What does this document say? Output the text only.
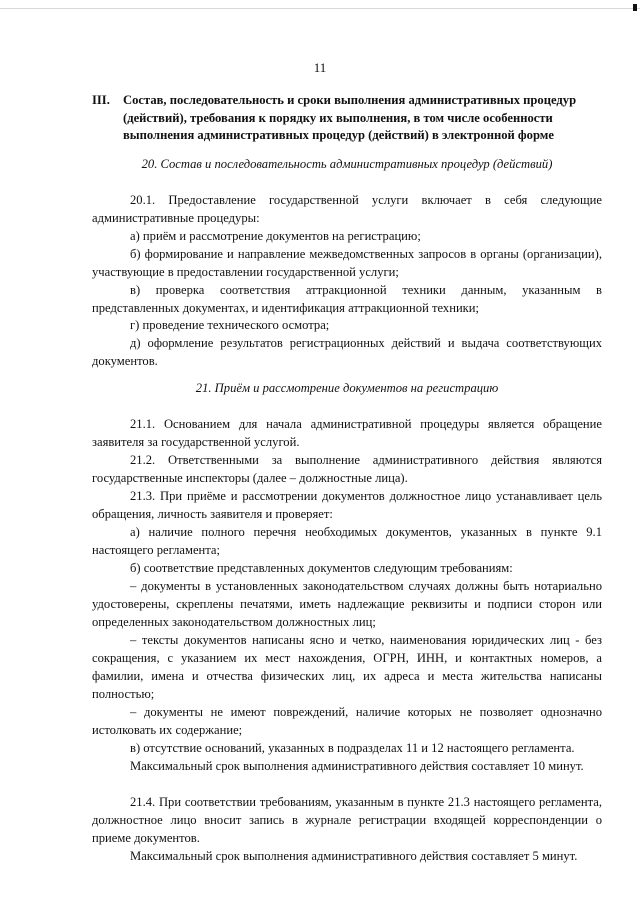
11
III.	Состав, последовательность и сроки выполнения административных процедур (действий), требования к порядку их выполнения, в том числе особенности выполнения административных процедур (действий) в электронной форме
20. Состав и последовательность административных процедур (действий)

20.1. Предоставление государственной услуги включает в себя следующие административные процедуры:

а) приём и рассмотрение документов на регистрацию;

б) формирование и направление межведомственных запросов в органы (организации), участвующие в предоставлении государственной услуги;

в) проверка соответствия аттракционной техники данным, указанным в представленных документах, и идентификация аттракционной техники;

г) проведение технического осмотра;

д) оформление результатов регистрационных действий и выдача соответствующих документов.

21. Приём и рассмотрение документов на регистрацию

21.1. Основанием для начала административной процедуры является обращение заявителя за государственной услугой.

21.2. Ответственными за выполнение административного действия являются государственные инспекторы (далее – должностные лица).

21.3. При приёме и рассмотрении документов должностное лицо устанавливает цель обращения, личность заявителя и проверяет:

а) наличие полного перечня необходимых документов, указанных в пункте 9.1 настоящего регламента;

б) соответствие представленных документов следующим требованиям:

– документы в установленных законодательством случаях должны быть нотариально удостоверены, скреплены печатями, иметь надлежащие реквизиты и подписи сторон или определенных законодательством должностных лиц;

– тексты документов написаны ясно и четко, наименования юридических лиц - без сокращения, с указанием их мест нахождения, ОГРН, ИНН, и контактных номеров, а фамилии, имена и отчества физических лиц, их адреса и места жительства написаны полностью;

– документы не имеют повреждений, наличие которых не позволяет однозначно истолковать их содержание;

в) отсутствие оснований, указанных в подразделах 11 и 12 настоящего регламента.

Максимальный срок выполнения административного действия составляет 10 минут.

21.4. При соответствии требованиям, указанным в пункте 21.3 настоящего регламента, должностное лицо вносит запись в журнале регистрации входящей корреспонденции о приеме документов.

Максимальный срок выполнения административного действия составляет 5 минут.
